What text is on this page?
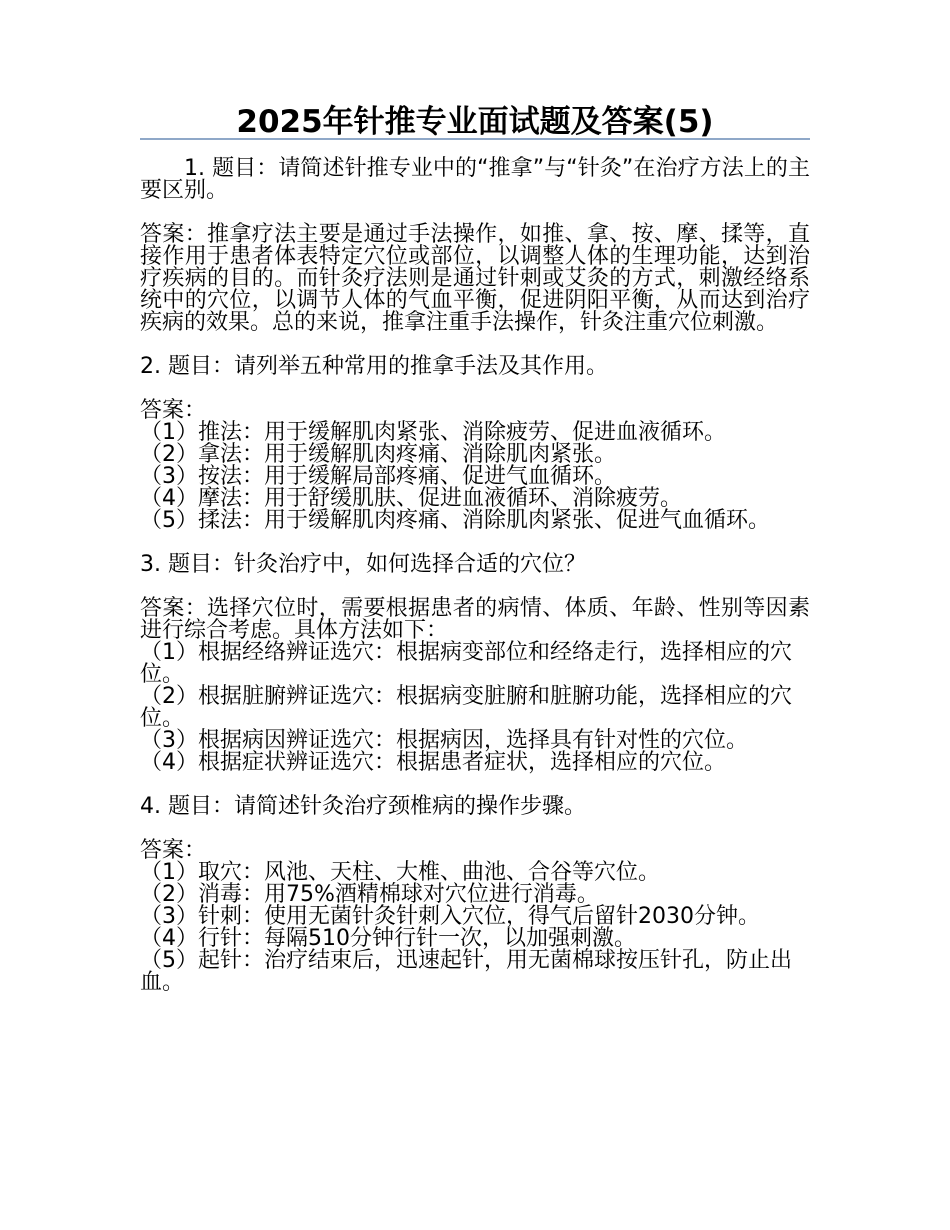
2025年针推专业面试题及答案(5)

1. 题目：请简述针推专业中的“推拿”与“针灸”在治疗方法上的主要区别。

答案：推拿疗法主要是通过手法操作，如推、拿、按、摩、揉等，直接作用于患者体表特定穴位或部位，以调整人体的生理功能，达到治疗疾病的目的。而针灸疗法则是通过针刺或艾灸的方式，刺激经络系统中的穴位，以调节人体的气血平衡，促进阴阳平衡，从而达到治疗疾病的效果。总的来说，推拿注重手法操作，针灸注重穴位刺激。

2. 题目：请列举五种常用的推拿手法及其作用。

答案：

（1）推法：用于缓解肌肉紧张、消除疲劳、促进血液循环。

（2）拿法：用于缓解肌肉疼痛、消除肌肉紧张。

（3）按法：用于缓解局部疼痛、促进气血循环。

（4）摩法：用于舒缓肌肤、促进血液循环、消除疲劳。

（5）揉法：用于缓解肌肉疼痛、消除肌肉紧张、促进气血循环。

3. 题目：针灸治疗中，如何选择合适的穴位？

答案：选择穴位时，需要根据患者的病情、体质、年龄、性别等因素进行综合考虑。具体方法如下：

（1）根据经络辨证选穴：根据病变部位和经络走行，选择相应的穴位。

（2）根据脏腑辨证选穴：根据病变脏腑和脏腑功能，选择相应的穴位。

（3）根据病因辨证选穴：根据病因，选择具有针对性的穴位。

（4）根据症状辨证选穴：根据患者症状，选择相应的穴位。

4. 题目：请简述针灸治疗颈椎病的操作步骤。

答案：

（1）取穴：风池、天柱、大椎、曲池、合谷等穴位。

（2）消毒：用75%酒精棉球对穴位进行消毒。

（3）针刺：使用无菌针灸针刺入穴位，得气后留针2030分钟。

（4）行针：每隔510分钟行针一次，以加强刺激。

（5）起针：治疗结束后，迅速起针，用无菌棉球按压针孔，防止出血。
